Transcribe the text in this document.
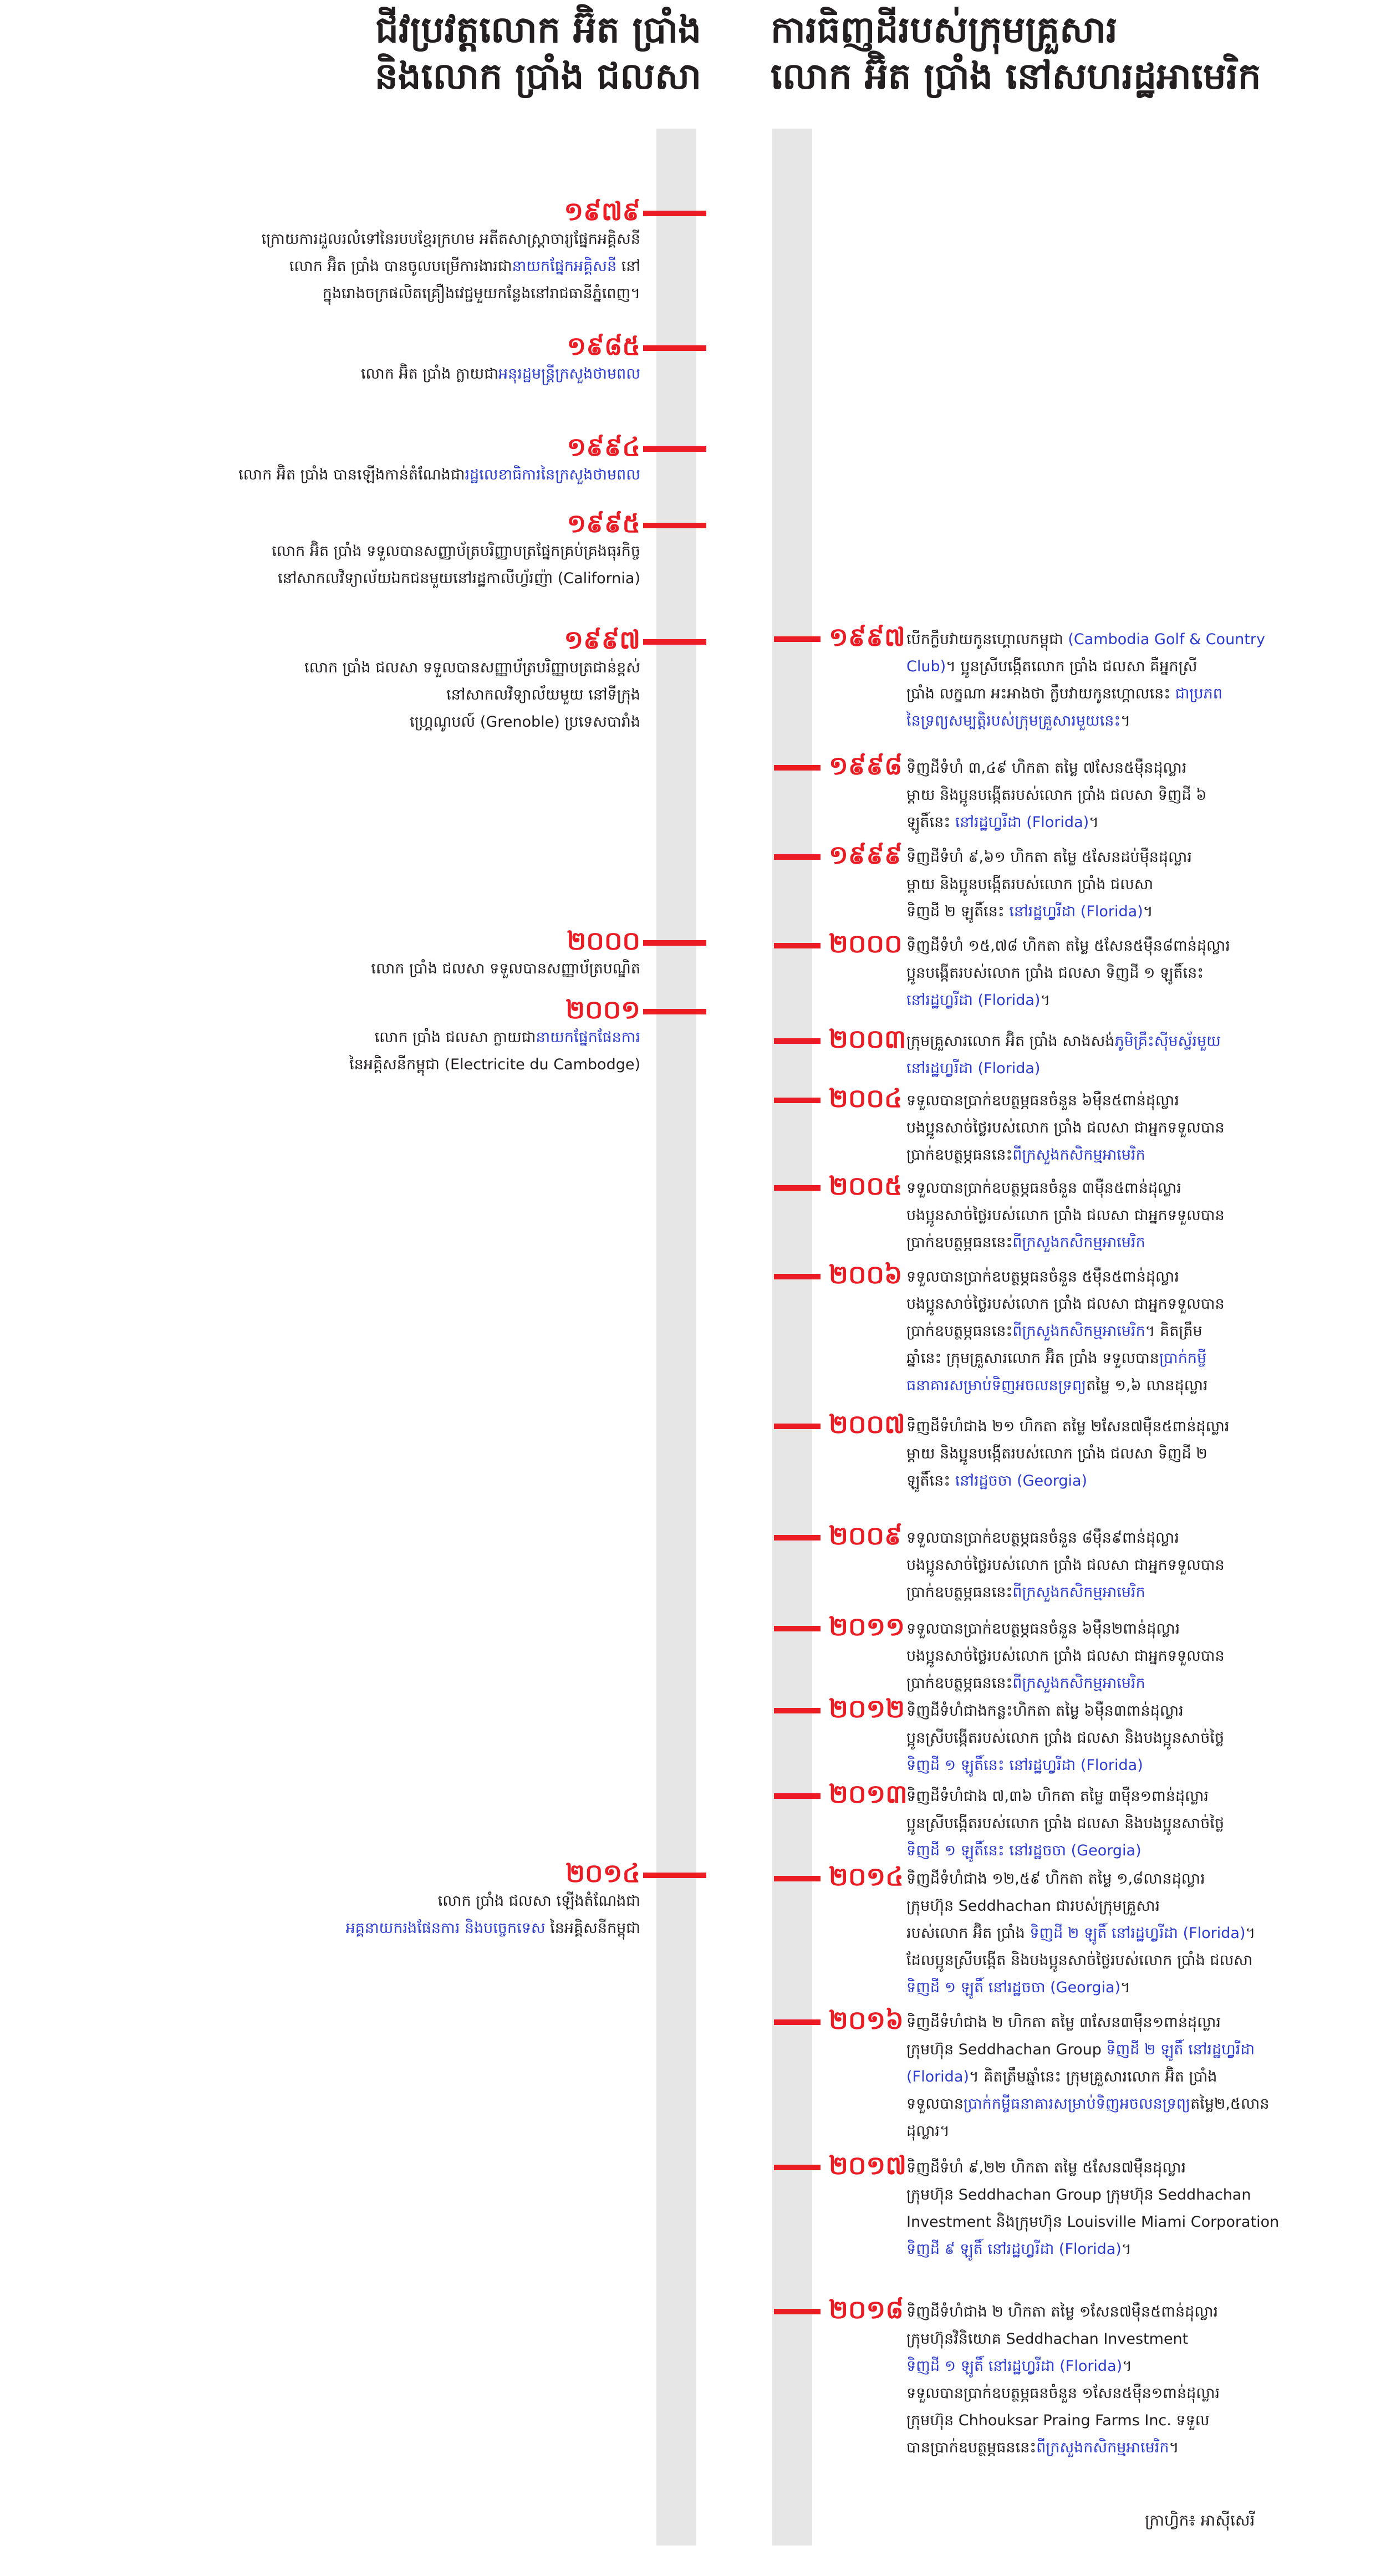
ជីវប្រវត្តលោក អ៊ិត ប្រាំង
និងលោក ប្រាំង ជលសា
ការធិញដីរបស់ក្រុមគ្រួសារ
លោក អ៊ិត ប្រាំង នៅសហរដ្ឋអាមេរិក
១៩៧៩
ក្រោយការដួលរលំទៅនៃរបបខ្មែរក្រហម អតីតសាស្ត្រាចារ្យផ្នែកអគ្គិសនី
លោក អ៊ិត ប្រាំង បានចូលបម្រើការងារជានាយកផ្នែកអគ្គិសនី នៅ
ក្នុងរោងចក្រផលិតគ្រឿងវេជ្ជមួយកន្លែងនៅរាជធានីភ្នំពេញ។
១៩៨៥
លោក អ៊ិត ប្រាំង ក្លាយជាអនុរដ្ឋមន្ត្រីក្រសួងថាមពល
១៩៩៤
លោក អ៊ិត ប្រាំង បានឡើងកាន់តំណែងជារដ្ឋលេខាធិការនៃក្រសួងថាមពល
១៩៩៥
លោក អ៊ិត ប្រាំង ទទួលបានសញ្ញាប័ត្របរិញ្ញាបត្រផ្នែកគ្រប់គ្រងធុរកិច្ច
នៅសាកលវិទ្យាល័យឯកជនមួយនៅរដ្ឋកាលីហ្វ័រញ៉ា (California)
១៩៩៧
លោក ប្រាំង ជលសា ទទួលបានសញ្ញាប័ត្របរិញ្ញាបត្រជាន់ខ្ពស់
នៅសាកលវិទ្យាល័យមួយ នៅទីក្រុង
ហ្គ្រេណូបល៍ (Grenoble) ប្រទេសបារាំង
២០០០
លោក ប្រាំង ជលសា ទទួលបានសញ្ញាប័ត្របណ្ឌិត
២០០១
លោក ប្រាំង ជលសា ក្លាយជានាយកផ្នែកផែនការ
នៃអគ្គិសនីកម្ពុជា (Electricite du Cambodge)
២០១៤
លោក ប្រាំង ជលសា ឡើងតំណែងជា
អគ្គនាយករងផែនការ និងបច្ចេកទេស នៃអគ្គិសនីកម្ពុជា
១៩៩៧ បើកក្លឹបវាយកូនហ្គោលកម្ពុជា (Cambodia Golf & Country
Club)។ ប្អូនស្រីបង្កើតលោក ប្រាំង ជលសា គឺអ្នកស្រី
ប្រាំង លក្ខណា អះអាងថា ក្លឹបវាយកូនហ្គោលនេះ ជាប្រភព
នៃទ្រព្យសម្បត្តិរបស់ក្រុមគ្រួសារមួយនេះ។
១៩៩៨ ទិញដីទំហំ ៣,៤៩ ហិកតា តម្លៃ ៧សែន៥ម៉ឺនដុល្លារ
ម្ដាយ និងប្អូនបង្កើតរបស់លោក ប្រាំង ជលសា ទិញដី ៦
ឡូតិ៍នេះ នៅរដ្ឋហ្វ្លរីដា (Florida)។
១៩៩៩ ទិញដីទំហំ ៩,៦១ ហិកតា តម្លៃ ៥សែនដប់ម៉ឺនដុល្លារ
ម្ដាយ និងប្អូនបង្កើតរបស់លោក ប្រាំង ជលសា
ទិញដី ២ ឡូតិ៍នេះ នៅរដ្ឋហ្វ្លរីដា (Florida)។
២០០០ ទិញដីទំហំ ១៥,៧៨ ហិកតា តម្លៃ ៥សែន៥ម៉ឺន៨ពាន់ដុល្លារ
ប្អូនបង្កើតរបស់លោក ប្រាំង ជលសា ទិញដី ១ ឡូតិ៍នេះ
នៅរដ្ឋហ្វ្លរីដា (Florida)។
២០០៣ ក្រុមគ្រួសារលោក អ៊ិត ប្រាំង សាងសង់ភូមិគ្រឹះស៊ីមស្ទ័រមួយ
នៅរដ្ឋហ្វ្លរីដា (Florida)
២០០៤ ទទួលបានប្រាក់ឧបត្ថម្ភធនចំនួន ៦ម៉ឺន៥ពាន់ដុល្លារ
បងប្អូនសាច់ថ្លៃរបស់លោក ប្រាំង ជលសា ជាអ្នកទទួលបាន
ប្រាក់ឧបត្ថម្ភធននេះពីក្រសួងកសិកម្មអាមេរិក
២០០៥ ទទួលបានប្រាក់ឧបត្ថម្ភធនចំនួន ៣ម៉ឺន៥ពាន់ដុល្លារ
បងប្អូនសាច់ថ្លៃរបស់លោក ប្រាំង ជលសា ជាអ្នកទទួលបាន
ប្រាក់ឧបត្ថម្ភធននេះពីក្រសួងកសិកម្មអាមេរិក
២០០៦ ទទួលបានប្រាក់ឧបត្ថម្ភធនចំនួន ៥ម៉ឺន៥ពាន់ដុល្លារ
បងប្អូនសាច់ថ្លៃរបស់លោក ប្រាំង ជលសា ជាអ្នកទទួលបាន
ប្រាក់ឧបត្ថម្ភធននេះពីក្រសួងកសិកម្មអាមេរិក។ គិតត្រឹម
ឆ្នាំនេះ ក្រុមគ្រួសារលោក អ៊ិត ប្រាំង ទទួលបានប្រាក់កម្ចី
ធនាគារសម្រាប់ទិញអចលនទ្រព្យតម្លៃ ១,៦ លានដុល្លារ
២០០៧ ទិញដីទំហំជាង ២១ ហិកតា តម្លៃ ២សែន៧ម៉ឺន៥ពាន់ដុល្លារ
ម្ដាយ និងប្អូនបង្កើតរបស់លោក ប្រាំង ជលសា ទិញដី ២
ឡូតិ៍នេះ នៅរដ្ឋចចា (Georgia)
២០០៩ ទទួលបានប្រាក់ឧបត្ថម្ភធនចំនួន ៨ម៉ឺន៩ពាន់ដុល្លារ
បងប្អូនសាច់ថ្លៃរបស់លោក ប្រាំង ជលសា ជាអ្នកទទួលបាន
ប្រាក់ឧបត្ថម្ភធននេះពីក្រសួងកសិកម្មអាមេរិក
២០១១ ទទួលបានប្រាក់ឧបត្ថម្ភធនចំនួន ៦ម៉ឺន២ពាន់ដុល្លារ
បងប្អូនសាច់ថ្លៃរបស់លោក ប្រាំង ជលសា ជាអ្នកទទួលបាន
ប្រាក់ឧបត្ថម្ភធននេះពីក្រសួងកសិកម្មអាមេរិក
២០១២ ទិញដីទំហំជាងកន្លះហិកតា តម្លៃ ៦ម៉ឺន៣ពាន់ដុល្លារ
ប្អូនស្រីបង្កើតរបស់លោក ប្រាំង ជលសា និងបងប្អូនសាច់ថ្លៃ
ទិញដី ១ ឡូតិ៍នេះ នៅរដ្ឋហ្វ្លរីដា (Florida)
២០១៣
ទិញដីទំហំជាង ៧,៣៦ ហិកតា តម្លៃ ៣ម៉ឺន១ពាន់ដុល្លារ
ប្អូនស្រីបង្កើតរបស់លោក ប្រាំង ជលសា និងបងប្អូនសាច់ថ្លៃ
ទិញដី ១ ឡូតិ៍នេះ នៅរដ្ឋចចា (Georgia)
២០១៤ ទិញដីទំហំជាង ១២,៥៩ ហិកតា តម្លៃ ១,៨លានដុល្លារ
ក្រុមហ៊ុន Seddhachan ជារបស់ក្រុមគ្រួសារ
របស់លោក អ៊ិត ប្រាំង ទិញដី ២ ឡូតិ៍ នៅរដ្ឋហ្វ្លរីដា (Florida)។
ដែលប្អូនស្រីបង្កើត និងបងប្អូនសាច់ថ្លៃរបស់លោក ប្រាំង ជលសា
ទិញដី ១ ឡូតិ៍ នៅរដ្ឋចចា (Georgia)។
២០១៦ ទិញដីទំហំជាង ២ ហិកតា តម្លៃ ៣សែន៣ម៉ឺន១ពាន់ដុល្លារ
ក្រុមហ៊ុន Seddhachan Group ទិញដី ២ ឡូតិ៍ នៅរដ្ឋហ្វ្លរីដា
(Florida)។ គិតត្រឹមឆ្នាំនេះ ក្រុមគ្រួសារលោក អ៊ិត ប្រាំង
ទទួលបានប្រាក់កម្ចីធនាគារសម្រាប់ទិញអចលនទ្រព្យតម្លៃ២,៥លាន
ដុល្លារ។
២០១៧ ទិញដីទំហំ ៩,២២ ហិកតា តម្លៃ ៥សែន៧ម៉ឺនដុល្លារ
ក្រុមហ៊ុន Seddhachan Group ក្រុមហ៊ុន Seddhachan
Investment និងក្រុមហ៊ុន Louisville Miami Corporation
ទិញដី ៩ ឡូតិ៍ នៅរដ្ឋហ្វ្លរីដា (Florida)។
២០១៨ ទិញដីទំហំជាង ២ ហិកតា តម្លៃ ១សែន៧ម៉ឺន៥ពាន់ដុល្លារ
ក្រុមហ៊ុនវិនិយោគ Seddhachan Investment
ទិញដី ១ ឡូតិ៍ នៅរដ្ឋហ្វ្លរីដា (Florida)។
ទទួលបានប្រាក់ឧបត្ថម្ភធនចំនួន ១សែន៥ម៉ឺន១ពាន់ដុល្លារ
ក្រុមហ៊ុន Chhouksar Praing Farms Inc. ទទួល
បានប្រាក់ឧបត្ថម្ភធននេះពីក្រសួងកសិកម្មអាមេរិក។
ក្រាហ្វិក៖ អាស៊ីសេរី
